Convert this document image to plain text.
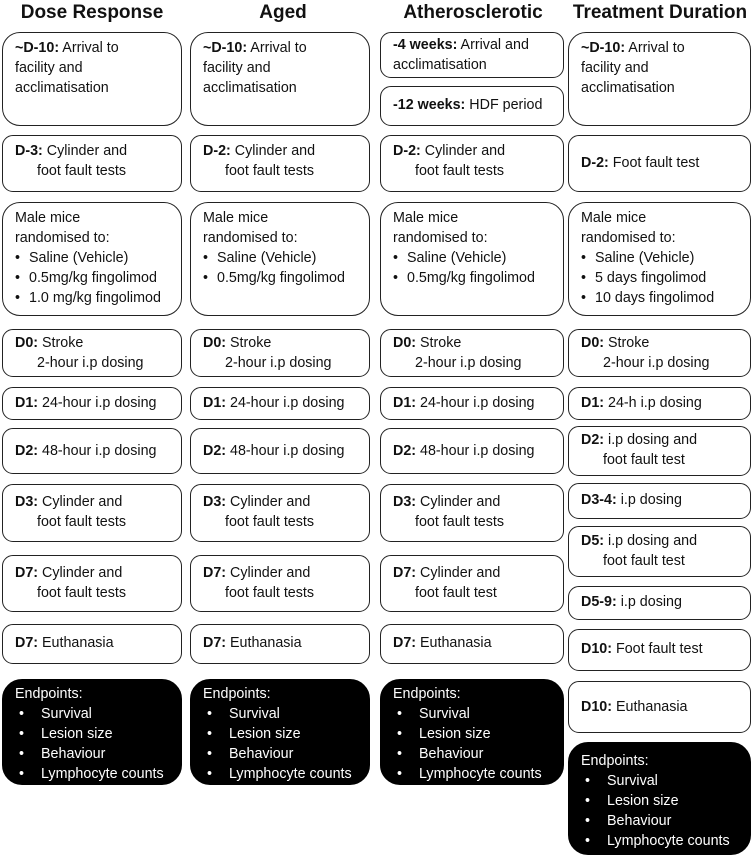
Dose Response	Aged	Atherosclerotic	Treatment Duration
~D-10: Arrival to
facility and
acclimatisation
D-3: Cylinder and
foot fault tests
Male mice
randomised to:
• Saline (Vehicle)
• 0.5mg/kg fingolimod
• 1.0 mg/kg fingolimod
D0: Stroke
2-hour i.p dosing
D1: 24-hour i.p dosing
D2: 48-hour i.p dosing
D3: Cylinder and
foot fault tests
D7: Cylinder and
foot fault tests
D7: Euthanasia
Endpoints:
• Survival
• Lesion size
• Behaviour
• Lymphocyte counts
~D-10: Arrival to
facility and
acclimatisation
D-2: Cylinder and
foot fault tests
Male mice
randomised to:
• Saline (Vehicle)
• 0.5mg/kg fingolimod
D0: Stroke
2-hour i.p dosing
D1: 24-hour i.p dosing
D2: 48-hour i.p dosing
D3: Cylinder and
foot fault tests
D7: Cylinder and
foot fault tests
D7: Euthanasia
Endpoints:
• Survival
• Lesion size
• Behaviour
• Lymphocyte counts
-4 weeks: Arrival and
acclimatisation
-12 weeks: HDF period
D-2: Cylinder and
foot fault tests
Male mice
randomised to:
• Saline (Vehicle)
• 0.5mg/kg fingolimod
D0: Stroke
2-hour i.p dosing
D1: 24-hour i.p dosing
D2: 48-hour i.p dosing
D3: Cylinder and
foot fault tests
D7: Cylinder and
foot fault test
D7: Euthanasia
Endpoints:
• Survival
• Lesion size
• Behaviour
• Lymphocyte counts
~D-10: Arrival to
facility and
acclimatisation
D-2: Foot fault test
Male mice
randomised to:
• Saline (Vehicle)
• 5 days fingolimod
• 10 days fingolimod
D0: Stroke
2-hour i.p dosing
D1: 24-h i.p dosing
D2: i.p dosing and
foot fault test
D3-4: i.p dosing
D5: i.p dosing and
foot fault test
D5-9: i.p dosing
D10: Foot fault test
D10: Euthanasia
Endpoints:
• Survival
• Lesion size
• Behaviour
• Lymphocyte counts
